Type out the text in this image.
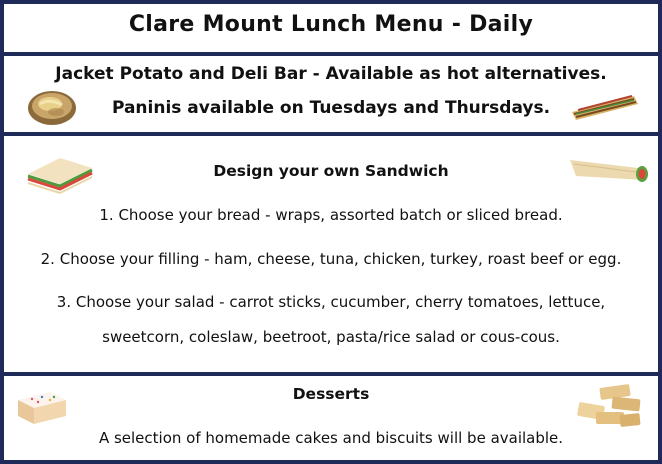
Clare Mount Lunch Menu - Daily
Jacket Potato and Deli Bar - Available as hot alternatives.
Paninis available on Tuesdays and Thursdays.
Design your own Sandwich
1. Choose your bread - wraps, assorted batch or sliced bread.
2. Choose your filling - ham, cheese, tuna, chicken, turkey, roast beef or egg.
3. Choose your salad - carrot sticks, cucumber, cherry tomatoes, lettuce,
sweetcorn, coleslaw, beetroot, pasta/rice salad or cous-cous.
Desserts
A selection of homemade cakes and biscuits will be available.
